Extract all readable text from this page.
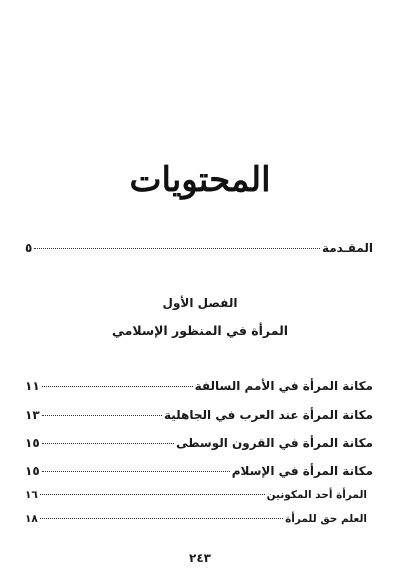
المحتويات
المقـدمة
٥
الفصل الأول
المرأة في المنظور الإسلامي
مكانة المرأة في الأمم السالفة
١١
مكانة المرأة عند العرب في الجاهلية
١٣
مكانة المرأة في القرون الوسطى
١٥
مكانة المرأة في الإسلام
١٥
المرأة أحد المكونين
١٦
العلم حق للمرأة
١٨
٢٤٣
